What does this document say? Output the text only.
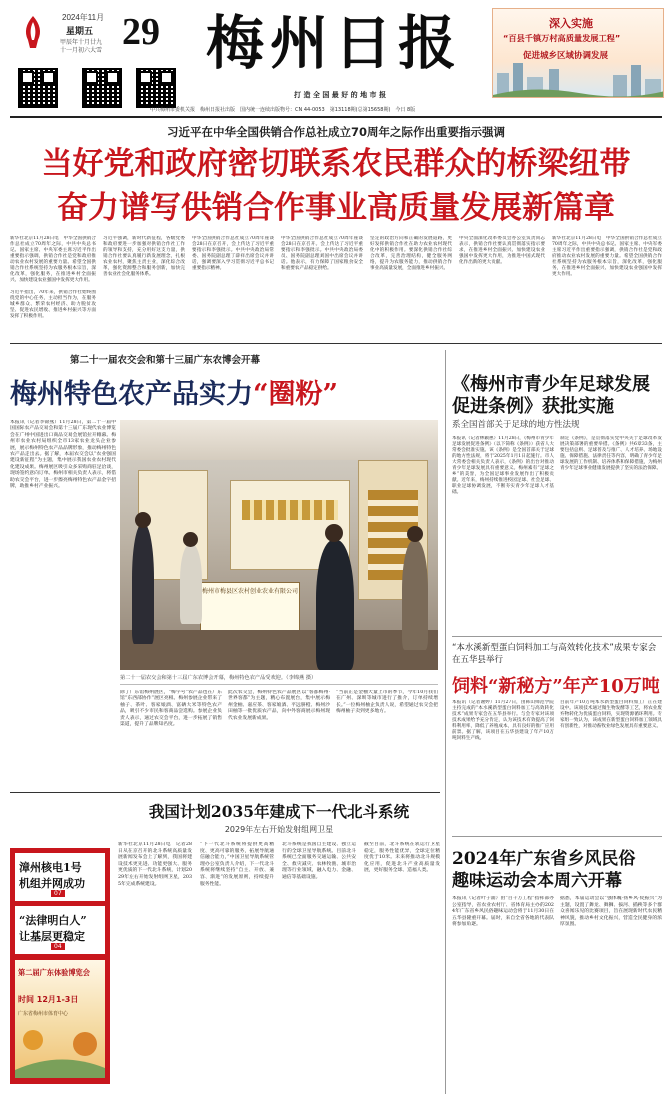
2024年11月
星期五
甲辰年十月廿九
十一月初六大雪 29 梅州日报
打 造 全 国 最 好 的 地 市 报
深入实施
“百县千镇万村高质量发展工程”
促进城乡区域协调发展
中共梅州市委机关报　梅州日报社出版　国内统一连续出版物号：CN 44-0053　第13118期(总第15658期)　今日 8版
习近平在中华全国供销合作总社成立70周年之际作出重要指示强调
当好党和政府密切联系农民群众的桥梁纽带
奋力谱写供销合作事业高质量发展新篇章
新华社北京11月28日电　中华全国供销合作总社成立70周年之际，中共中央总书记、国家主席、中央军委主席习近平作出重要指示强调，供销合作社是党和政府推动农业农村发展的重要力量。希望全国供销合作社系统坚持为农服务根本宗旨，深化改革，强化服务，在推进乡村全面振兴、加快建设农业强国中发挥更大作用。
习近平指出，70年来，供销合作社始终围绕党的中心任务，主动担当作为，在服务城乡群众、繁荣农村经济、助力脱贫攻坚、促进农民增收、推进乡村振兴等方面发挥了积极作用。
习近平强调，新时代新征程，各级党委和政府要进一步加强对供销合作社工作的领导和支持，充分用好这支力量，供销合作社要认真履行新发展理念，扎根农业农村，聚焦主责主业，深化综合改革，强化资源整合和服务创新，加快完善农业社会化服务体系。
中华全国供销合作总社成立70周年座谈会28日在京召开，会上传达了习近平重要指示和李强批示。中共中央政治局常委、国务院副总理丁薛祥出席会议并讲话，强调要深入学习贯彻习近平总书记重要指示精神。
中华全国供销合作总社成立70周年座谈会28日在京召开。会上传达了习近平重要指示和李强批示。中共中央政治局委员、国务院副总理刘国中出席会议并讲话。他表示，有力保障了国家粮食安全和重要农产品稳定供给。
坚定的政治方向和正确的发展道路，更好发挥供销合作社在助力农业农村现代化中的积极作用。要深化供销合作社综合改革，完善治理结构，健全服务网络，提升为农服务能力，推动供销合作事业高质量发展，全面推进乡村振兴。
中央全面深化改革委员会办公室负责同志表示，供销合作社要认真贯彻落实指示要求，在推进乡村全面振兴、加快建设农业强国中发挥更大作用，为推进中国式现代化作出新的更大贡献。
新华社北京11月28日电　中华全国供销合作总社成立70周年之际，中共中央总书记、国家主席、中央军委主席习近平作出重要指示强调，供销合作社是党和政府推动农业农村发展的重要力量。希望全国供销合作社系统坚持为农服务根本宗旨，深化改革，强化服务，在推进乡村全面振兴、加快建设农业强国中发挥更大作用。
第二十一届农交会和第十三届广东农博会开幕
梅州特色农产品实力“圈粉”
本报讯（记者李锦燕）11月28日，第二十一届中国国际农产品交易会和第十三届广东现代农业博览会在广州中国进出口商品交易会展馆拉开帷幕。梅州市农业农村局组织全市13家农业龙头企业参展，展示梅州特色农产品品牌形象，推动梅州特色农产品走出去。据了解，本届农交会以“农业强国建设新征程”为主题，集中展示我国农业农村现代化建设成果。梅州展区吸引众多采购商驻足洽谈，现场签约意向订单。梅州市相关负责人表示，将借助农交会平台，进一步擦亮梅州特色农产品金字招牌，助推乡村产业振兴。
梅州市梅县区农村创业农业有限公司
第二十一届农交会和第十三届广东农博会开幕，梅州特色农产品受欢迎。（李锦燕 摄）
除了广东馆梅州展区，“梅字号”农产品也在广东馆“东西部协作”展区亮相。梅州参展企业带来了柚子、茶叶、客家娘酒、富硒大米等特色农产品，吸引不少市民和客商品尝选购。参展企业负责人表示，通过农交会平台，进一步拓展了销售渠道，提升了品牌知名度。
此次农交会，梅州特色农产品展区以“客都梅州·世界客都”为主题，精心布置展台，集中展示梅州金柚、嘉应茶、客家娘酒、平远脐橙、梅州沙田柚等一批优质农产品，向中外客商展示梅州现代农业发展新成果。
“当前正是金柚大量上市的季节，今年10月我们在广州、深圳等城市进行了推介，订单持续增长。”一位梅州柚企负责人说，希望通过农交会把梅州柚子卖到更多地方。
《梅州市青少年足球发展
促进条例》获批实施
系全国首部关于足球的地方性法规
本报讯（记者林颖惠）11月28日，《梅州市青少年足球发展促进条例》（以下简称《条例》）获省人大常委会批准实施。该《条例》是全国首部关于足球的地方性法规，将于2025年1月1日起施行。市人大常委会相关负责人表示，《条例》的出台对推动青少年足球发展具有重要意义。梅州素有“足球之乡”的美誉，为全国足球事业发展作出了积极贡献。近年来，梅州持续推进校园足球、社会足球、职业足球协调发展，不断夯实青少年足球人才基础。
制定《条例》，是贯彻落实党中央关于足球改革发展决策部署的重要举措。《条例》共6章33条，主要包括总则、足球普及与推广、人才培养、场地设施、保障措施、法律责任等内容，明确了青少年足球发展的工作机制、培养体系和保障措施，为梅州青少年足球事业健康发展提供了坚实的法治保障。
“本水溪新型蛋白饲料加工与高效转化技术”成果专家会在五华县举行
饲料“新秘方”年产10万吨
本报讯（记者谢婷）11月27日，由韩山师范学院主持完成的“本水溪新型蛋白饲料加工与高效转化技术”成果专家会在五华县举行。与会专家对该项技术成果给予充分肯定，认为该技术有效提高了饲料利用率，降低了养殖成本，具有良好的推广应用前景。据了解，该项目在五华县建设了年产10万吨饲料生产线。
目前年产10万吨本水新型蛋白饲料加工厂正在建设中。该项技术通过微生物发酵等工艺，将农业废弃物转化为优质蛋白饲料，实现资源循环利用。专家组一致认为，该成果在新型蛋白饲料加工领域具有创新性，对推动畜牧业绿色发展具有重要意义。
漳州核电1号
机组并网成功
07
“法律明白人”
让基层更稳定
04
第二届广东体验博览会
时间 12月1-3日
广东省梅州市体育中心
我国计划2035年建成下一代北斗系统
2029年左右开始发射组网卫星
新华社北京11月28日电　记者28日从在京召开的北斗系统高质量发展新闻发布会上了解到，我国将建设技术更先进、功能更强大、服务更优质的下一代北斗系统，计划2029年左右开始发射组网卫星，2035年完成系统建设。
“下一代北斗系统将提供更高精度、更高可靠的服务，拓展导航通信融合能力，”中国卫星导航系统管理办公室负责人介绍，下一代北斗系统将继续坚持“自主、开放、兼容、渐进”的发展原则，持续提升服务性能。
北斗系统是我国自主建设、独立运行的全球卫星导航系统。目前北斗系统已全面服务交通运输、公共安全、救灾减灾、农林牧渔、城市治理等行业领域，融入电力、金融、通信等基础设施。
截至目前，北斗系统在轨运行卫星稳定，服务性能优异，全球定位精度优于10米。未来将推动北斗规模化应用，促进北斗产业高质量发展，更好服务全球、造福人类。
2024年广东省乡风民俗
趣味运动会本周六开幕
本报讯（记者叶子涌）由“百千万工程”指挥部办公室指导，省农业农村厅、省体育局主办的2024年广东省乡风民俗趣味运动会将于11月30日在五华县隆重开幕。届时，来自全省各地的代表队将参加角逐。
据悉，本届运动会以“强体魄·扬乡风·促振兴”为主题，设置了舞龙、舞狮、拔河、插秧等多个群众喜闻乐见的比赛项目，旨在展现新时代农民精神风貌，推动乡村文化振兴，营造全民健身的浓厚氛围。
